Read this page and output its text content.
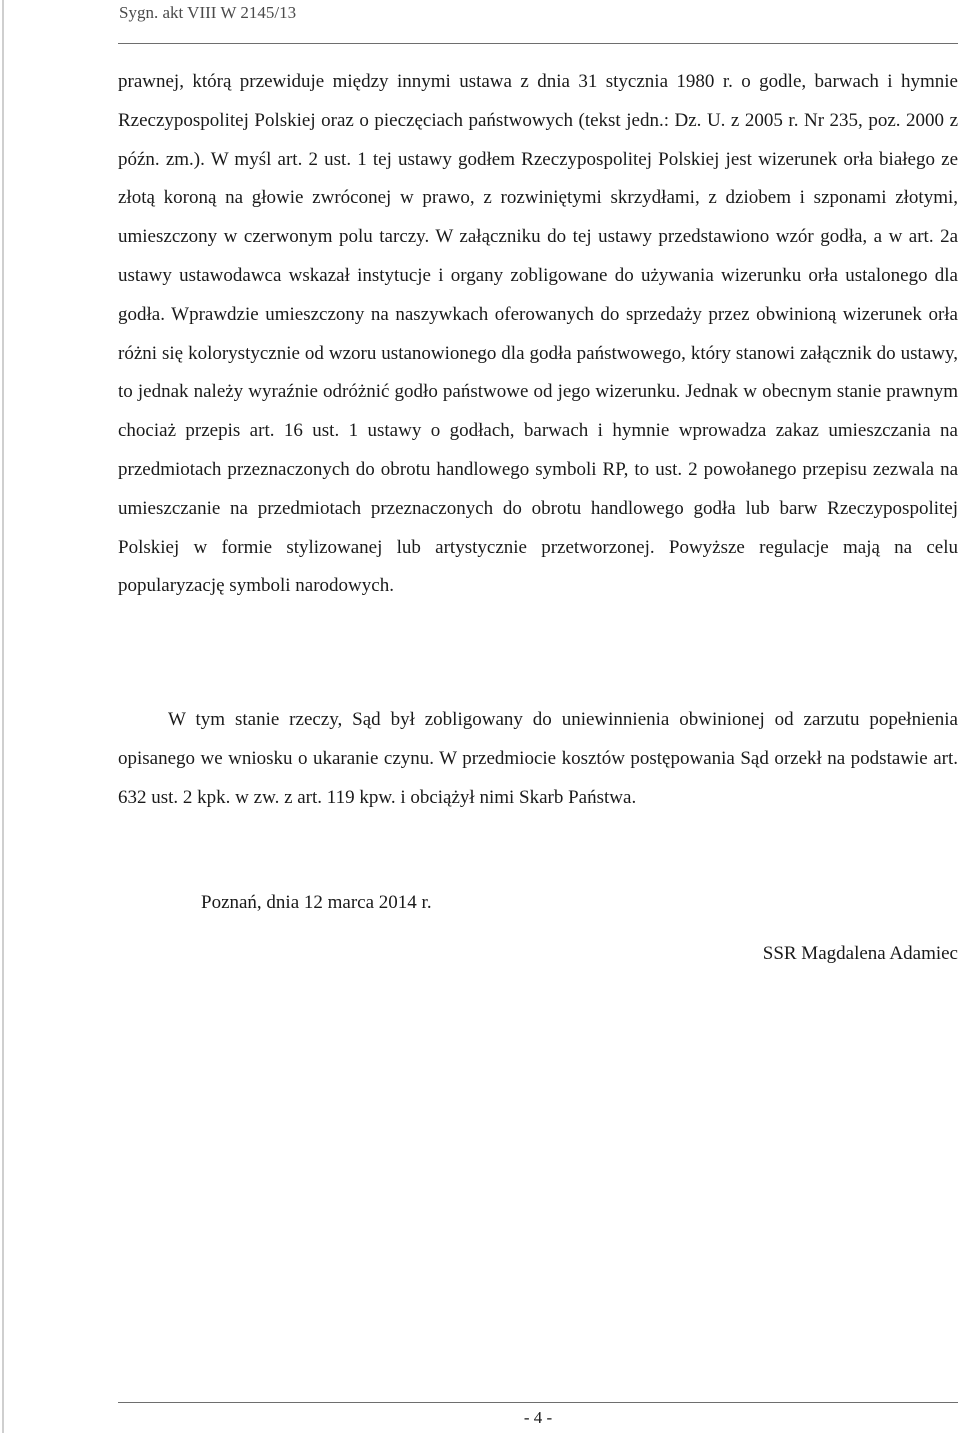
Sygn. akt VIII W 2145/13

prawnej, którą przewiduje między innymi ustawa z dnia 31 stycznia 1980 r. o godle, barwach i hymnie Rzeczypospolitej Polskiej oraz o pieczęciach państwowych (tekst jedn.: Dz. U. z 2005 r. Nr 235, poz. 2000 z późn. zm.). W myśl art. 2 ust. 1 tej ustawy godłem Rzeczypospolitej Polskiej jest wizerunek orła białego ze złotą koroną na głowie zwróconej w prawo, z rozwiniętymi skrzydłami, z dziobem i szponami złotymi, umieszczony w czerwonym polu tarczy. W załączniku do tej ustawy przedstawiono wzór godła, a w art. 2a ustawy ustawodawca wskazał instytucje i organy zobligowane do używania wizerunku orła ustalonego dla godła. Wprawdzie umieszczony na naszywkach oferowanych do sprzedaży przez obwinioną wizerunek orła różni się kolorystycznie od wzoru ustanowionego dla godła państwowego, który stanowi załącznik do ustawy, to jednak należy wyraźnie odróżnić godło państwowe od jego wizerunku. Jednak w obecnym stanie prawnym chociaż przepis art. 16 ust. 1 ustawy o godłach, barwach i hymnie wprowadza zakaz umieszczania na przedmiotach przeznaczonych do obrotu handlowego symboli RP, to ust. 2 powołanego przepisu zezwala na umieszczanie na przedmiotach przeznaczonych do obrotu handlowego godła lub barw Rzeczypospolitej Polskiej w formie stylizowanej lub artystycznie przetworzonej. Powyższe regulacje mają na celu popularyzację symboli narodowych.

W tym stanie rzeczy, Sąd był zobligowany do uniewinnienia obwinionej od zarzutu popełnienia opisanego we wniosku o ukaranie czynu. W przedmiocie kosztów postępowania Sąd orzekł na podstawie art. 632 ust. 2 kpk. w zw. z art. 119 kpw. i obciążył nimi Skarb Państwa.

Poznań, dnia 12 marca 2014 r.
SSR Magdalena Adamiec
- 4 -
